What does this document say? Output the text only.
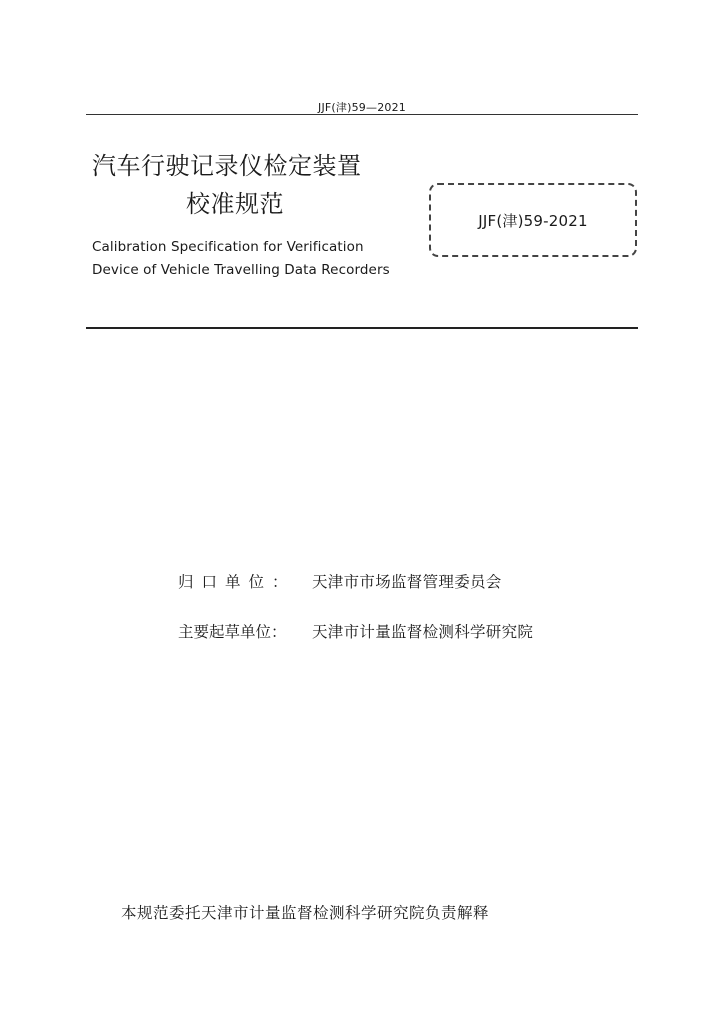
JJF(津)59—2021
汽车行驶记录仪检定装置
校准规范
Calibration Specification for Verification
Device of Vehicle Travelling Data Recorders
JJF(津)59-2021
归口单位：	天津市市场监督管理委员会
主要起草单位：	天津市计量监督检测科学研究院
本规范委托天津市计量监督检测科学研究院负责解释
